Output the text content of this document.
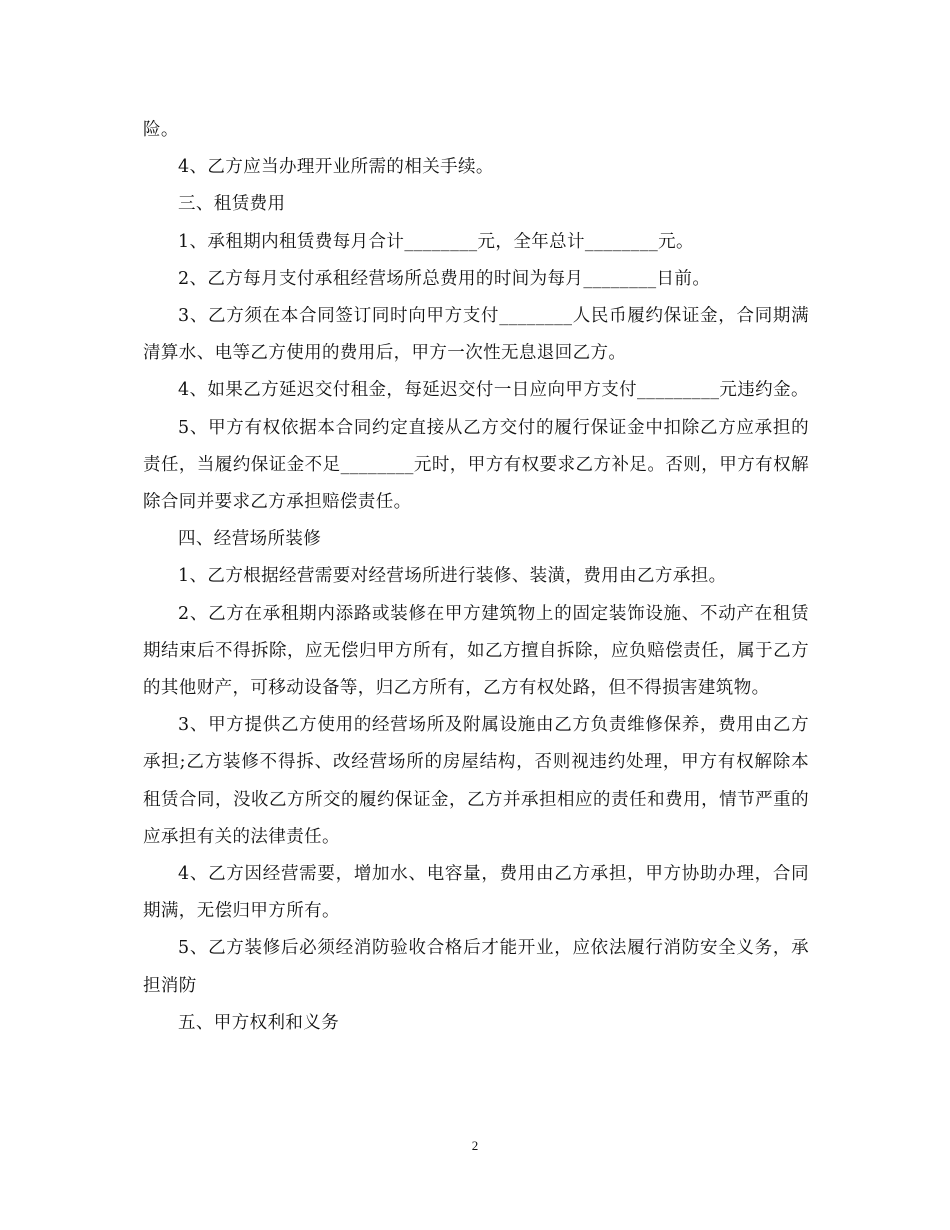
险。

4、乙方应当办理开业所需的相关手续。

三、租赁费用

1、承租期内租赁费每月合计________元，全年总计________元。

2、乙方每月支付承租经营场所总费用的时间为每月________日前。

3、乙方须在本合同签订同时向甲方支付________人民币履约保证金，合同期满清算水、电等乙方使用的费用后，甲方一次性无息退回乙方。

4、如果乙方延迟交付租金，每延迟交付一日应向甲方支付_________元违约金。

5、甲方有权依据本合同约定直接从乙方交付的履行保证金中扣除乙方应承担的责任，当履约保证金不足________元时，甲方有权要求乙方补足。否则，甲方有权解除合同并要求乙方承担赔偿责任。

四、经营场所装修

1、乙方根据经营需要对经营场所进行装修、装潢，费用由乙方承担。

2、乙方在承租期内添路或装修在甲方建筑物上的固定装饰设施、不动产在租赁期结束后不得拆除，应无偿归甲方所有，如乙方擅自拆除，应负赔偿责任，属于乙方的其他财产，可移动设备等，归乙方所有，乙方有权处路，但不得损害建筑物。

3、甲方提供乙方使用的经营场所及附属设施由乙方负责维修保养，费用由乙方承担;乙方装修不得拆、改经营场所的房屋结构，否则视违约处理，甲方有权解除本租赁合同，没收乙方所交的履约保证金，乙方并承担相应的责任和费用，情节严重的应承担有关的法律责任。

4、乙方因经营需要，增加水、电容量，费用由乙方承担，甲方协助办理，合同期满，无偿归甲方所有。

5、乙方装修后必须经消防验收合格后才能开业，应依法履行消防安全义务，承担消防

五、甲方权利和义务

2
